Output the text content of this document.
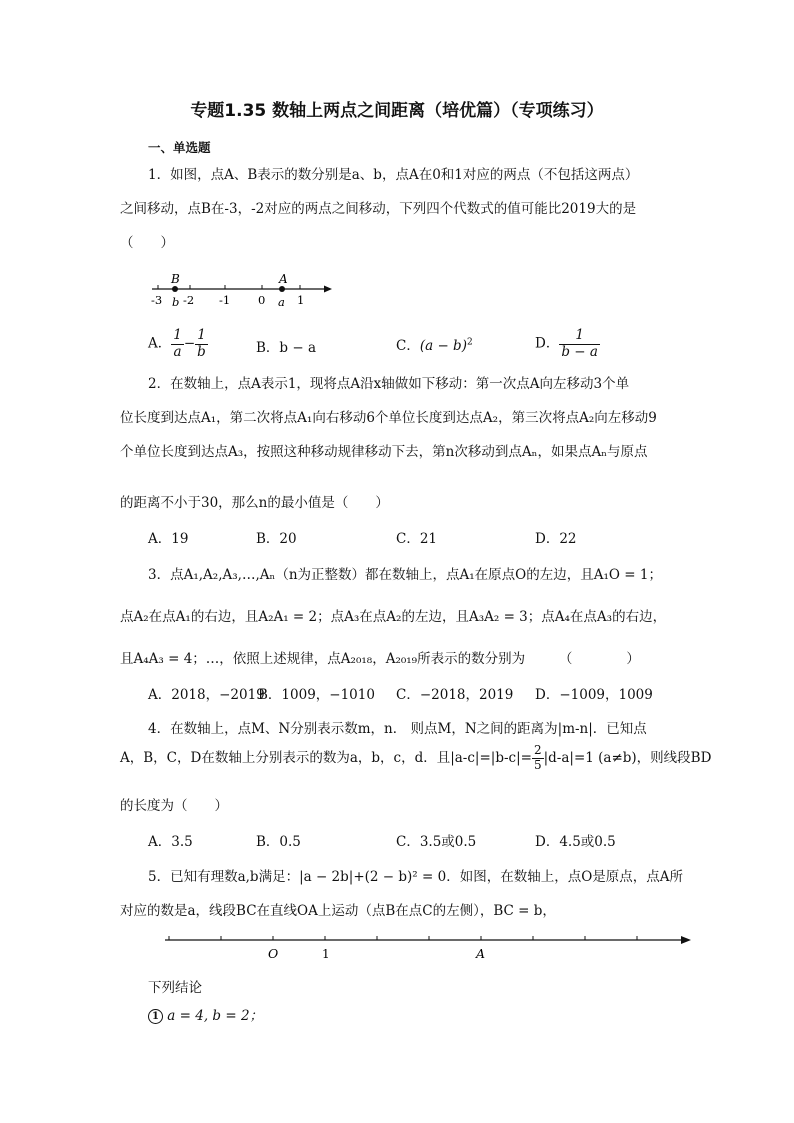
专题1.35 数轴上两点之间距离（培优篇）（专项练习）
一、单选题
1．如图，点A、B表示的数分别是a、b，点A在0和1对应的两点（不包括这两点）
之间移动，点B在-3，-2对应的两点之间移动，下列四个代数式的值可能比2019大的是
（　　）
B	A
-3 b -2 -1 0 a 1
A． $\frac{1}{a} - \frac{1}{b}$	B．b − a	C．$(a - b)^2$	D． $\frac{1}{b - a}$
2．在数轴上，点A表示1，现将点A沿x轴做如下移动：第一次点A向左移动3个单
位长度到达点A₁，第二次将点A₁向右移动6个单位长度到达点A₂，第三次将点A₂向左移动9
个单位长度到达点A₃，按照这种移动规律移动下去，第n次移动到点Aₙ，如果点Aₙ与原点
的距离不小于30，那么n的最小值是（　　）
A．19	B．20	C．21	D．22
3．点A₁,A₂,A₃,…,Aₙ（n为正整数）都在数轴上，点A₁在原点O的左边，且A₁O = 1；
点A₂在点A₁的右边，且A₂A₁ = 2；点A₃在点A₂的左边，且A₃A₂ = 3；点A₄在点A₃的右边，
且A₄A₃ = 4；…，依照上述规律，点A₂₀₁₈，A₂₀₁₉所表示的数分别为　　　（　　　　）
A．2018，−2019
B．1009，−1010 C．−2018，2019 D．−1009，1009
4．在数轴上，点M、N分别表示数m，n． 则点M，N之间的距离为|m-n|．已知点
A，B，C，D在数轴上分别表示的数为a，b，c，d．且$|a-c|=|b-c|= \frac{2}{5} |d-a|=1$ (a≠b)，则线段BD
的长度为（　　）
A．3.5	B．0.5	C．3.5或0.5	D．4.5或0.5
5．已知有理数a,b满足：|a − 2b|+(2 − b)² = 0．如图，在数轴上，点O是原点，点A所
对应的数是a，线段BC在直线OA上运动（点B在点C的左侧），BC = b，
O	1	A
下列结论
1 a = 4, b = 2；
